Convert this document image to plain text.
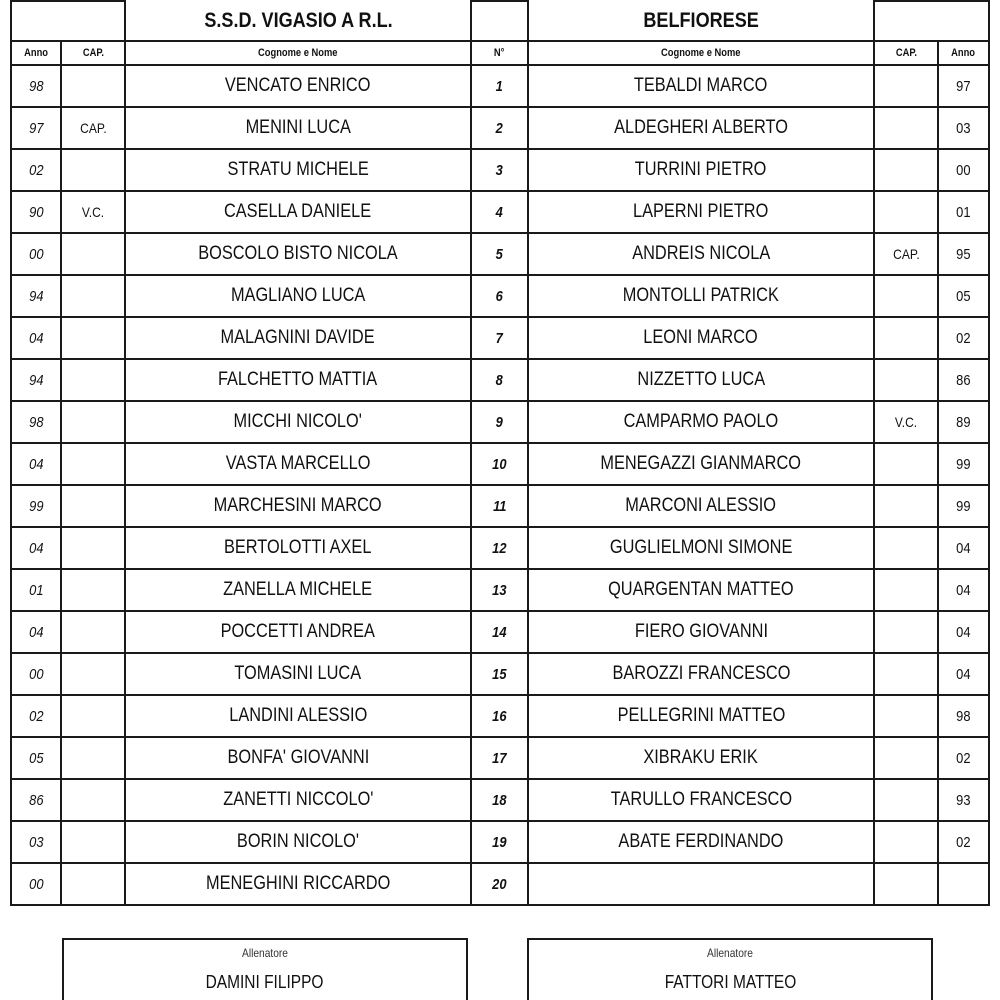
		S.S.D. VIGASIO A R.L.		BELFIORESE		
Anno	CAP.	Cognome e Nome	N°	Cognome e Nome	CAP.	Anno
98		VENCATO ENRICO	1	TEBALDI MARCO		97
97	CAP.	MENINI LUCA	2	ALDEGHERI ALBERTO		03
02		STRATU MICHELE	3	TURRINI PIETRO		00
90	V.C.	CASELLA DANIELE	4	LAPERNI PIETRO		01
00		BOSCOLO BISTO NICOLA	5	ANDREIS NICOLA	CAP.	95
94		MAGLIANO LUCA	6	MONTOLLI PATRICK		05
04		MALAGNINI DAVIDE	7	LEONI MARCO		02
94		FALCHETTO MATTIA	8	NIZZETTO LUCA		86
98		MICCHI NICOLO'	9	CAMPARMO PAOLO	V.C.	89
04		VASTA MARCELLO	10	MENEGAZZI GIANMARCO		99
99		MARCHESINI MARCO	11	MARCONI ALESSIO		99
04		BERTOLOTTI AXEL	12	GUGLIELMONI SIMONE		04
01		ZANELLA MICHELE	13	QUARGENTAN MATTEO		04
04		POCCETTI ANDREA	14	FIERO GIOVANNI		04
00		TOMASINI LUCA	15	BAROZZI FRANCESCO		04
02		LANDINI ALESSIO	16	PELLEGRINI MATTEO		98
05		BONFA' GIOVANNI	17	XIBRAKU ERIK		02
86		ZANETTI NICCOLO'	18	TARULLO FRANCESCO		93
03		BORIN NICOLO'	19	ABATE FERDINANDO		02
00		MENEGHINI RICCARDO	20			
Allenatore
DAMINI FILIPPO
Allenatore
FATTORI MATTEO
